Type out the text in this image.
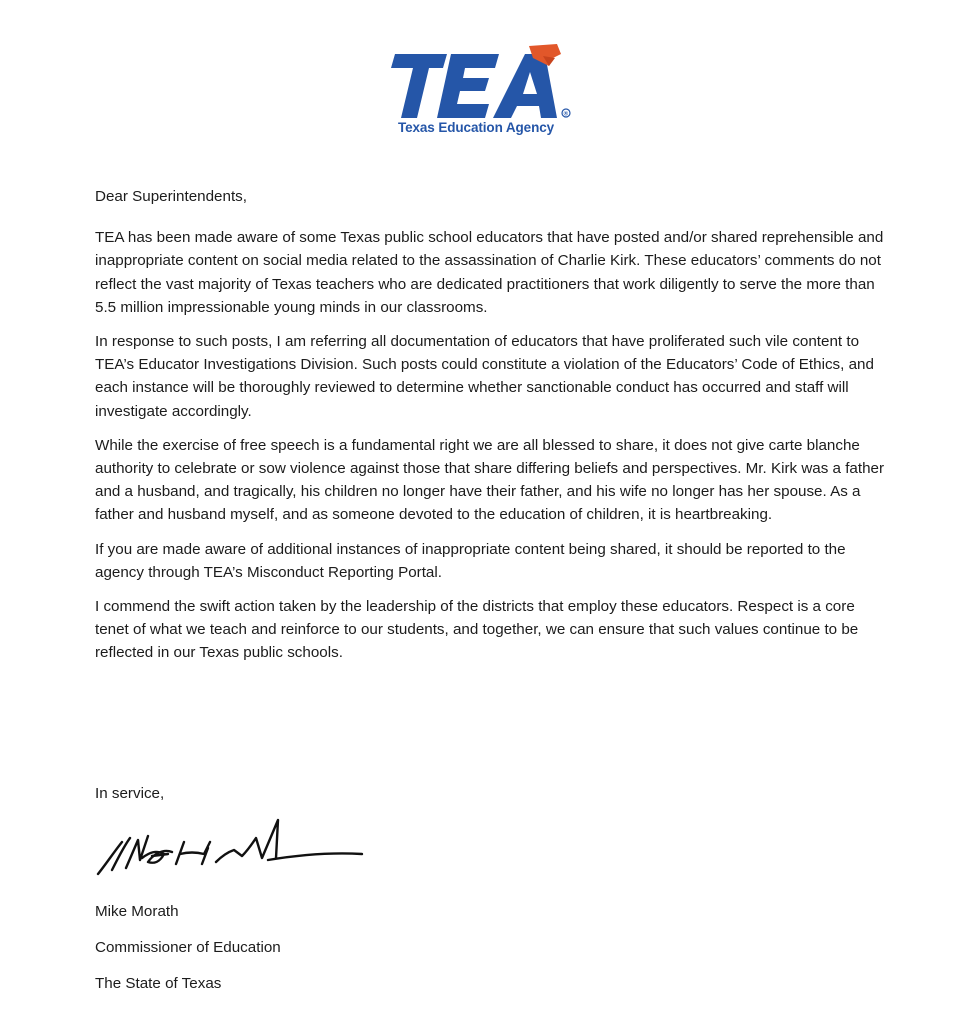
®
Texas Education Agency

Dear Superintendents,

TEA has been made aware of some Texas public school educators that have posted and/or shared reprehensible and inappropriate content on social media related to the assassination of Charlie Kirk. These educators’ comments do not reflect the vast majority of Texas teachers who are dedicated practitioners that work diligently to serve the more than 5.5 million impressionable young minds in our classrooms.

In response to such posts, I am referring all documentation of educators that have proliferated such vile content to TEA’s Educator Investigations Division. Such posts could constitute a violation of the Educators’ Code of Ethics, and each instance will be thoroughly reviewed to determine whether sanctionable conduct has occurred and staff will investigate accordingly.

While the exercise of free speech is a fundamental right we are all blessed to share, it does not give carte blanche authority to celebrate or sow violence against those that share differing beliefs and perspectives. Mr. Kirk was a father and a husband, and tragically, his children no longer have their father, and his wife no longer has her spouse. As a father and husband myself, and as someone devoted to the education of children, it is heartbreaking.

If you are made aware of additional instances of inappropriate content being shared, it should be reported to the agency through TEA’s Misconduct Reporting Portal.

I commend the swift action taken by the leadership of the districts that employ these educators. Respect is a core tenet of what we teach and reinforce to our students, and together, we can ensure that such values continue to be reflected in our Texas public schools.

In service,

Mike Morath

Commissioner of Education

The State of Texas
